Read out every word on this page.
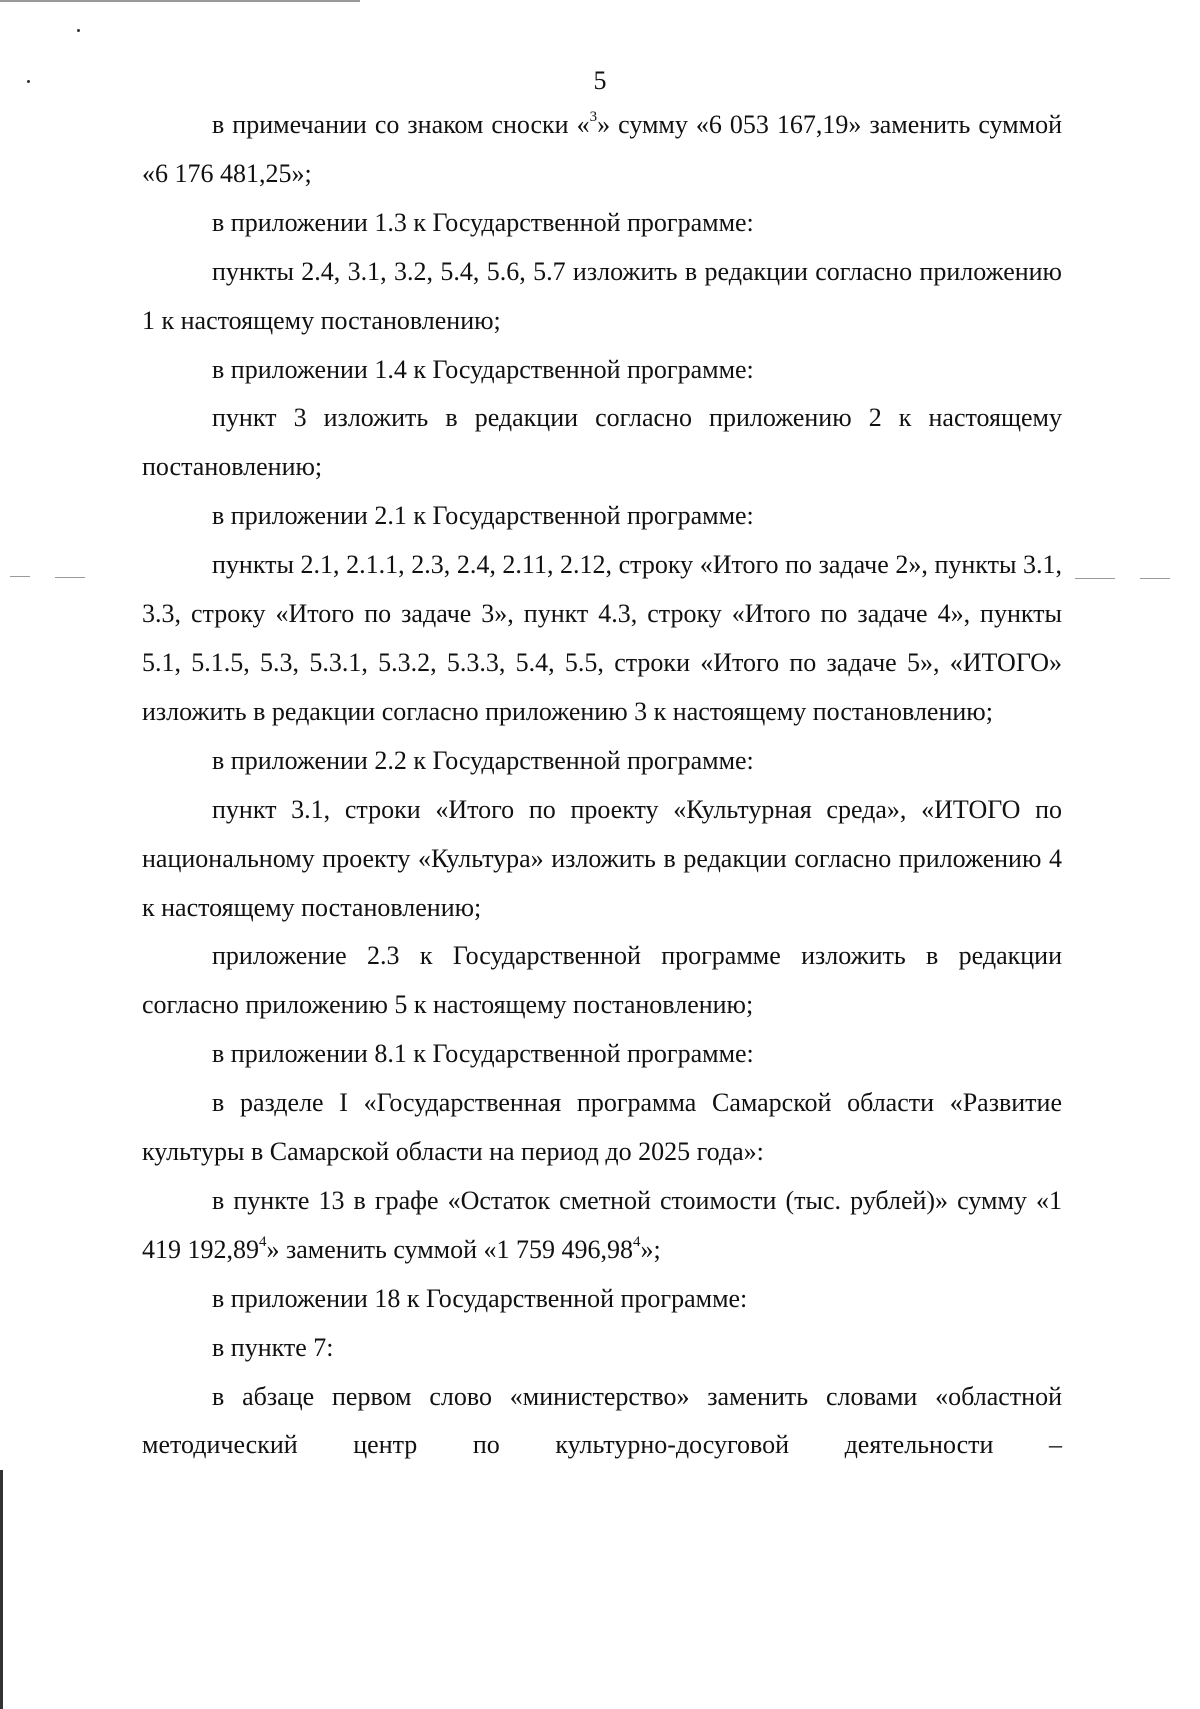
5

в примечании со знаком сноски «$^3$» сумму «6 053 167,19» заменить суммой «6 176 481,25»;

в приложении 1.3 к Государственной программе:

пункты 2.4, 3.1, 3.2, 5.4, 5.6, 5.7 изложить в редакции согласно приложению 1 к настоящему постановлению;

в приложении 1.4 к Государственной программе:

пункт 3 изложить в редакции согласно приложению 2 к настоящему постановлению;

в приложении 2.1 к Государственной программе:

пункты 2.1, 2.1.1, 2.3, 2.4, 2.11, 2.12, строку «Итого по задаче 2», пункты 3.1, 3.3, строку «Итого по задаче 3», пункт 4.3, строку «Итого по задаче 4», пункты 5.1, 5.1.5, 5.3, 5.3.1, 5.3.2, 5.3.3, 5.4, 5.5, строки «Итого по задаче 5», «ИТОГО» изложить в редакции согласно приложению 3 к настоящему постановлению;

в приложении 2.2 к Государственной программе:

пункт 3.1, строки «Итого по проекту «Культурная среда», «ИТОГО по национальному проекту «Культура» изложить в редакции согласно приложению 4 к настоящему постановлению;

приложение 2.3 к Государственной программе изложить в редакции согласно приложению 5 к настоящему постановлению;

в приложении 8.1 к Государственной программе:

в разделе I «Государственная программа Самарской области «Развитие культуры в Самарской области на период до 2025 года»:

в пункте 13 в графе «Остаток сметной стоимости (тыс. рублей)» сумму «1 419 192,89$^4$» заменить суммой «1 759 496,98$^4$»;

в приложении 18 к Государственной программе:

в пункте 7:

в абзаце первом слово «министерство» заменить словами «областной методический центр по культурно-досуговой деятельности –
